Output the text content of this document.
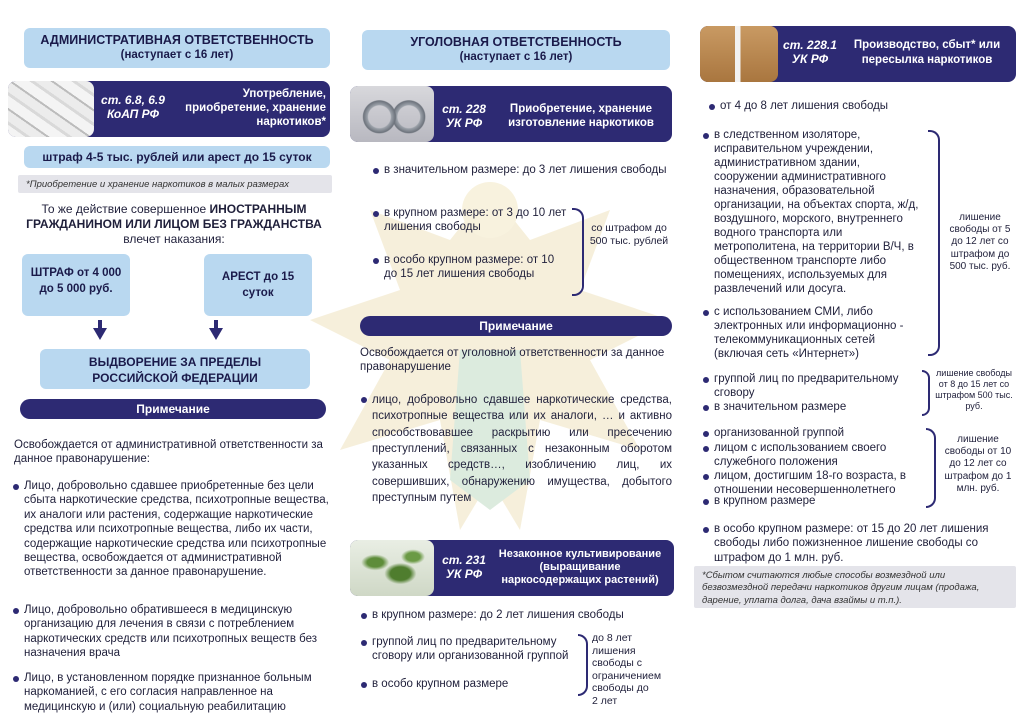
АДМИНИСТРАТИВНАЯ ОТВЕТСТВЕННОСТЬ
(наступает с 16 лет)
ст. 6.8, 6.9
КоАП РФ
Употребление, приобретение, хранение наркотиков*
штраф 4-5 тыс. рублей или арест до 15 суток
*Приобретение и хранение наркотиков в малых размерах
То же действие совершенное ИНОСТРАННЫМ ГРАЖДАНИНОМ ИЛИ ЛИЦОМ БЕЗ ГРАЖДАНСТВА
влечет наказания:
ШТРАФ от 4 000 до 5 000 руб.
АРЕСТ до 15 суток
ВЫДВОРЕНИЕ ЗА ПРЕДЕЛЫ РОССИЙСКОЙ ФЕДЕРАЦИИ
Примечание
Освобождается от административной ответственности за данное правонарушение:
Лицо, добровольно сдавшее приобретенные без цели сбыта наркотические средства, психотропные вещества, их аналоги или растения, содержащие наркотические средства или психотропные вещества, либо их части, содержащие наркотические средства или психотропные вещества, освобождается от административной ответственности за данное правонарушение.
Лицо, добровольно обратившееся в медицинскую организацию для лечения в связи с потреблением наркотических средств или психотропных веществ без назначения врача
Лицо, в установленном порядке признанное больным наркоманией, с его согласия направленное на медицинскую и (или) социальную реабилитацию
УГОЛОВНАЯ ОТВЕТСТВЕННОСТЬ
(наступает с 16 лет)
ст. 228
УК РФ
Приобретение, хранение изготовление наркотиков
в значительном размере: до 3 лет лишения свободы
в крупном размере: от 3 до 10 лет лишения свободы
в особо крупном размере: от 10 до 15 лет лишения свободы
со штрафом до 500 тыс. рублей
Примечание
Освобождается от уголовной ответственности за данное правонарушение
лицо, добровольно сдавшее наркотические средства, психотропные вещества или их аналоги, … и активно способствовавшее раскрытию или пресечению преступлений, связанных с незаконным оборотом указанных средств…, изобличению лиц, их совершивших, обнаружению имущества, добытого преступным путем
ст. 231
УК РФ
Незаконное культивирование (выращивание наркосодержащих растений)
в крупном размере: до 2 лет лишения свободы
группой лиц по предварительному сговору или организованной группой
в особо крупном размере
до 8 лет лишения свободы с ограничением свободы до 2 лет
ст. 228.1
УК РФ
Производство, сбыт* или пересылка наркотиков
от 4 до 8 лет лишения свободы
в следственном изоляторе, исправительном учреждении, административном здании, сооружении административного назначения, образовательной организации, на объектах спорта, ж/д, воздушного, морского, внутреннего водного транспорта или метрополитена, на территории В/Ч, в общественном транспорте либо помещениях, используемых для развлечений или досуга.
с использованием СМИ, либо электронных или информационно - телекоммуникационных сетей (включая сеть «Интернет»)
лишение свободы от 5 до 12 лет со штрафом до 500 тыс. руб.
группой лиц по предварительному сговору
в значительном размере
лишение свободы от 8 до 15 лет со штрафом 500 тыс. руб.
организованной группой
лицом с использованием своего служебного положения
лицом, достигшим 18-го возраста, в отношении несовершеннолетнего
в крупном размере
лишение свободы от 10 до 12 лет со штрафом до 1 млн. руб.
в особо крупном размере: от 15 до 20 лет лишения свободы либо пожизненное лишение свободы со штрафом до 1 млн. руб.
*Сбытом считаются любые способы возмездной или безвозмездной передачи наркотиков другим лицам (продажа, дарение, уплата долга, дача взаймы и т.п.).
